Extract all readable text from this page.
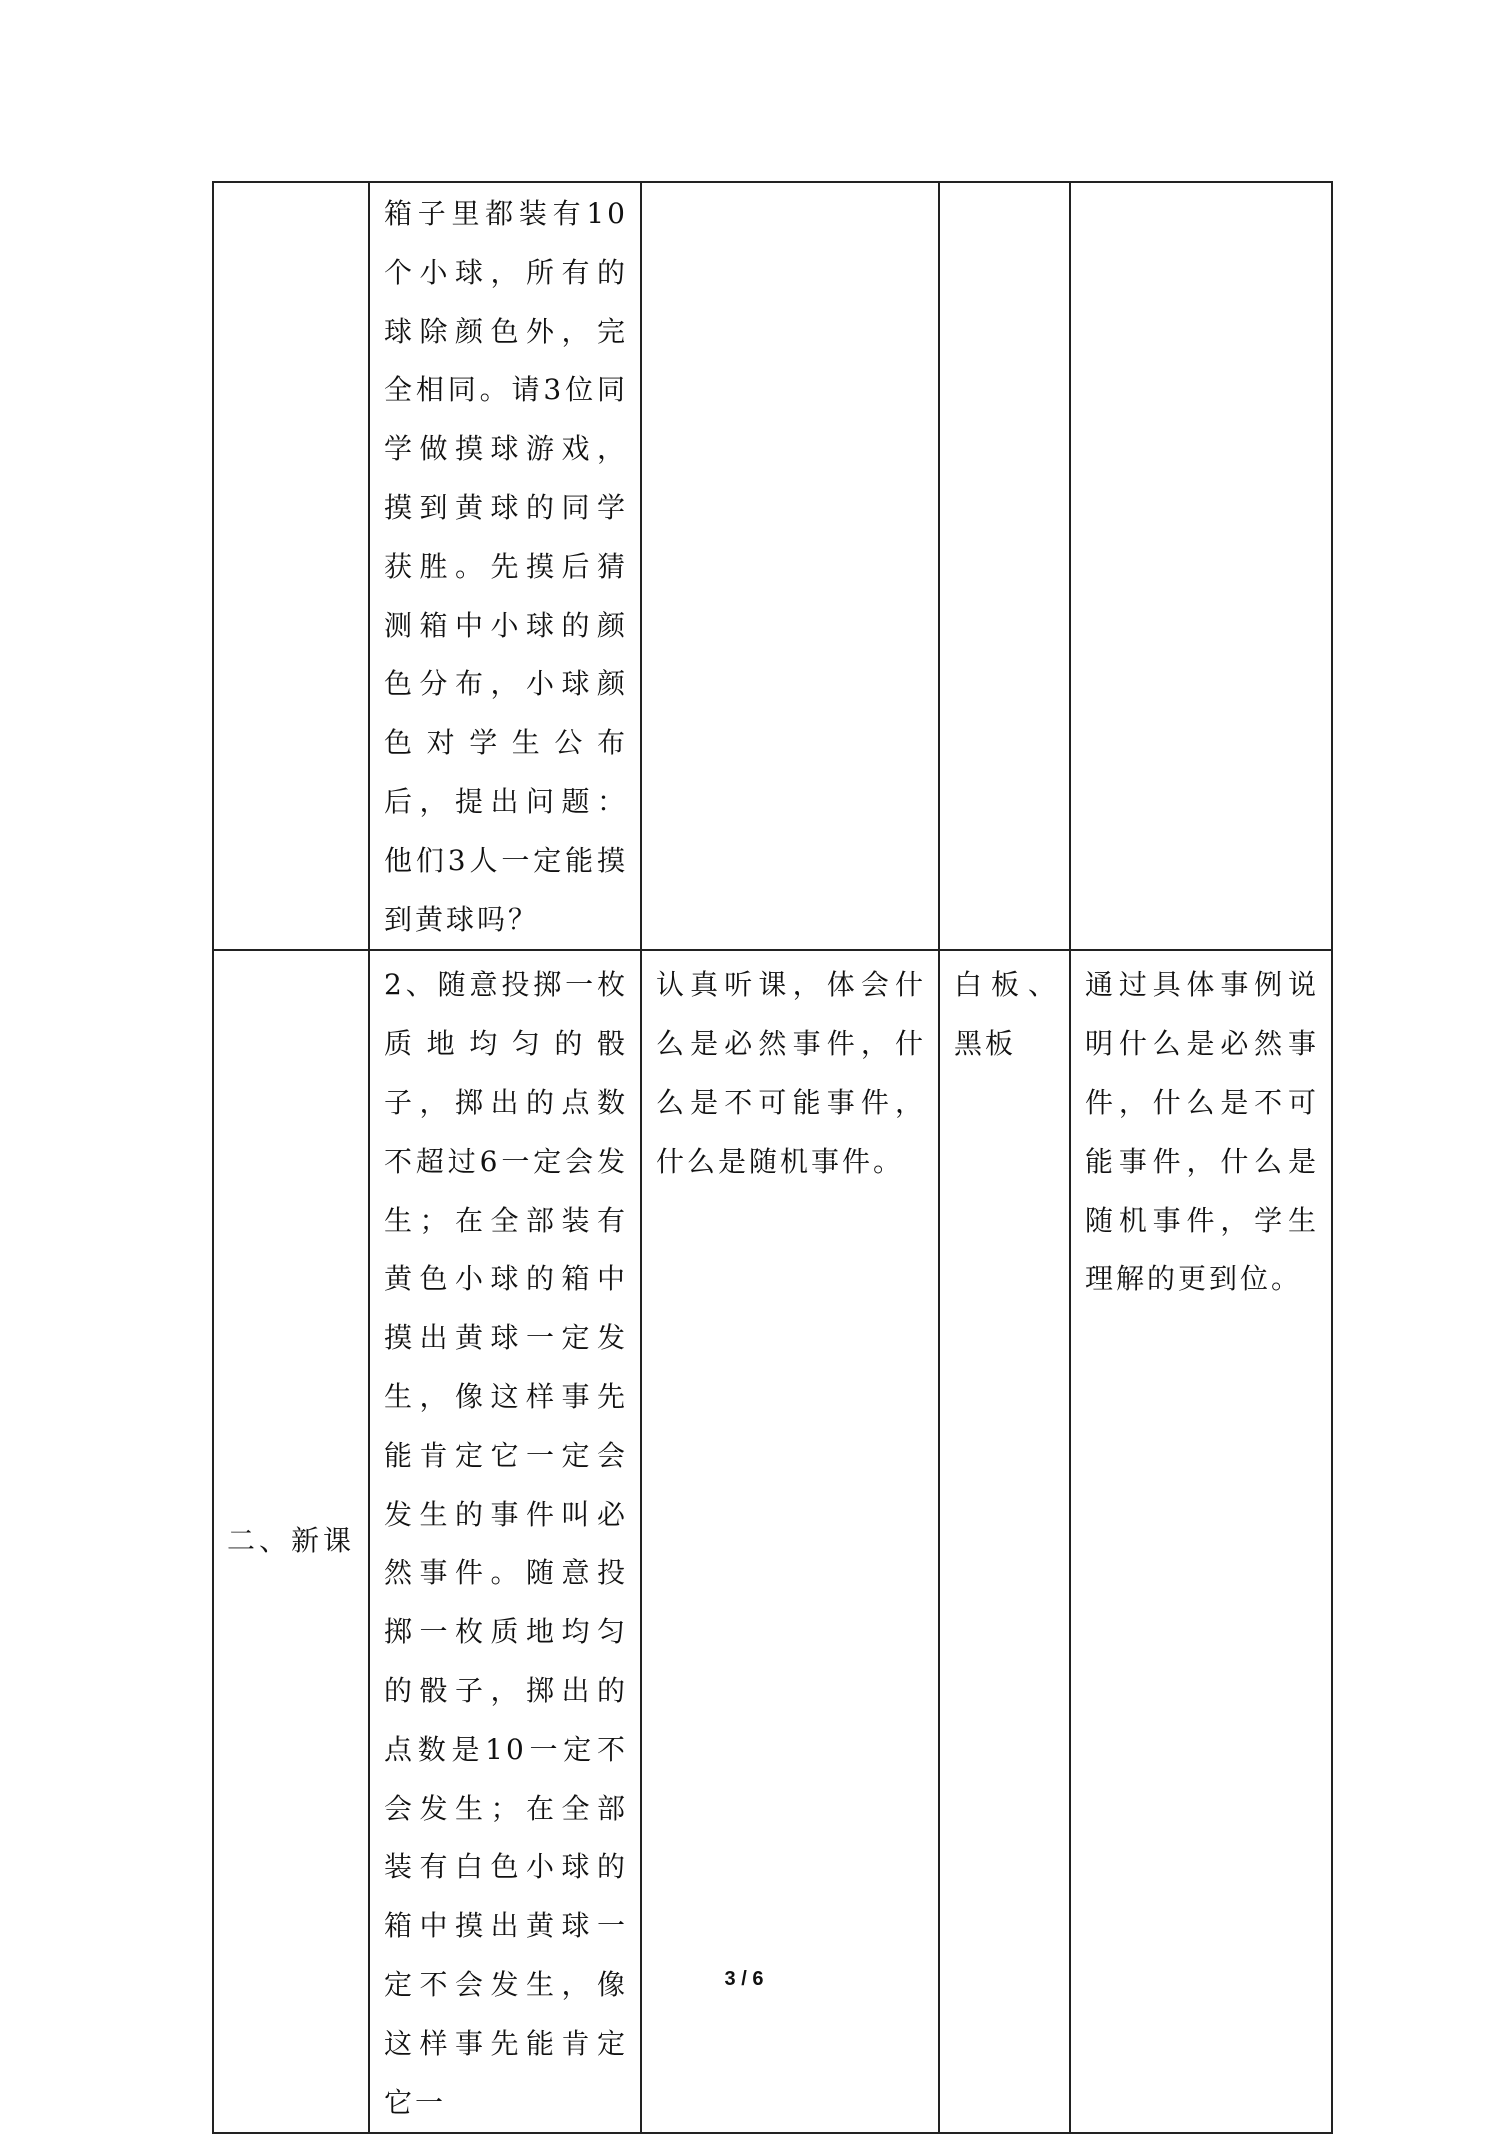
	箱子里都装有10个小球，所有的球除颜色外，完全相同。请3位同学做摸球游戏，摸到黄球的同学获胜。先摸后猜测箱中小球的颜色分布，小球颜色对学生公布后，提出问题：他们3人一定能摸到黄球吗？			

二、新课	2、随意投掷一枚质地均匀的骰子，掷出的点数不超过6一定会发生；在全部装有黄色小球的箱中摸出黄球一定发生，像这样事先能肯定它一定会发生的事件叫必然事件。随意投掷一枚质地均匀的骰子，掷出的点数是10一定不会发生；在全部装有白色小球的箱中摸出黄球一定不会发生，像这样事先能肯定它一	认真听课，体会什么是必然事件，什么是不可能事件，什么是随机事件。	白板、黑板	通过具体事例说明什么是必然事件，什么是不可能事件，什么是随机事件，学生理解的更到位。
3 / 6
